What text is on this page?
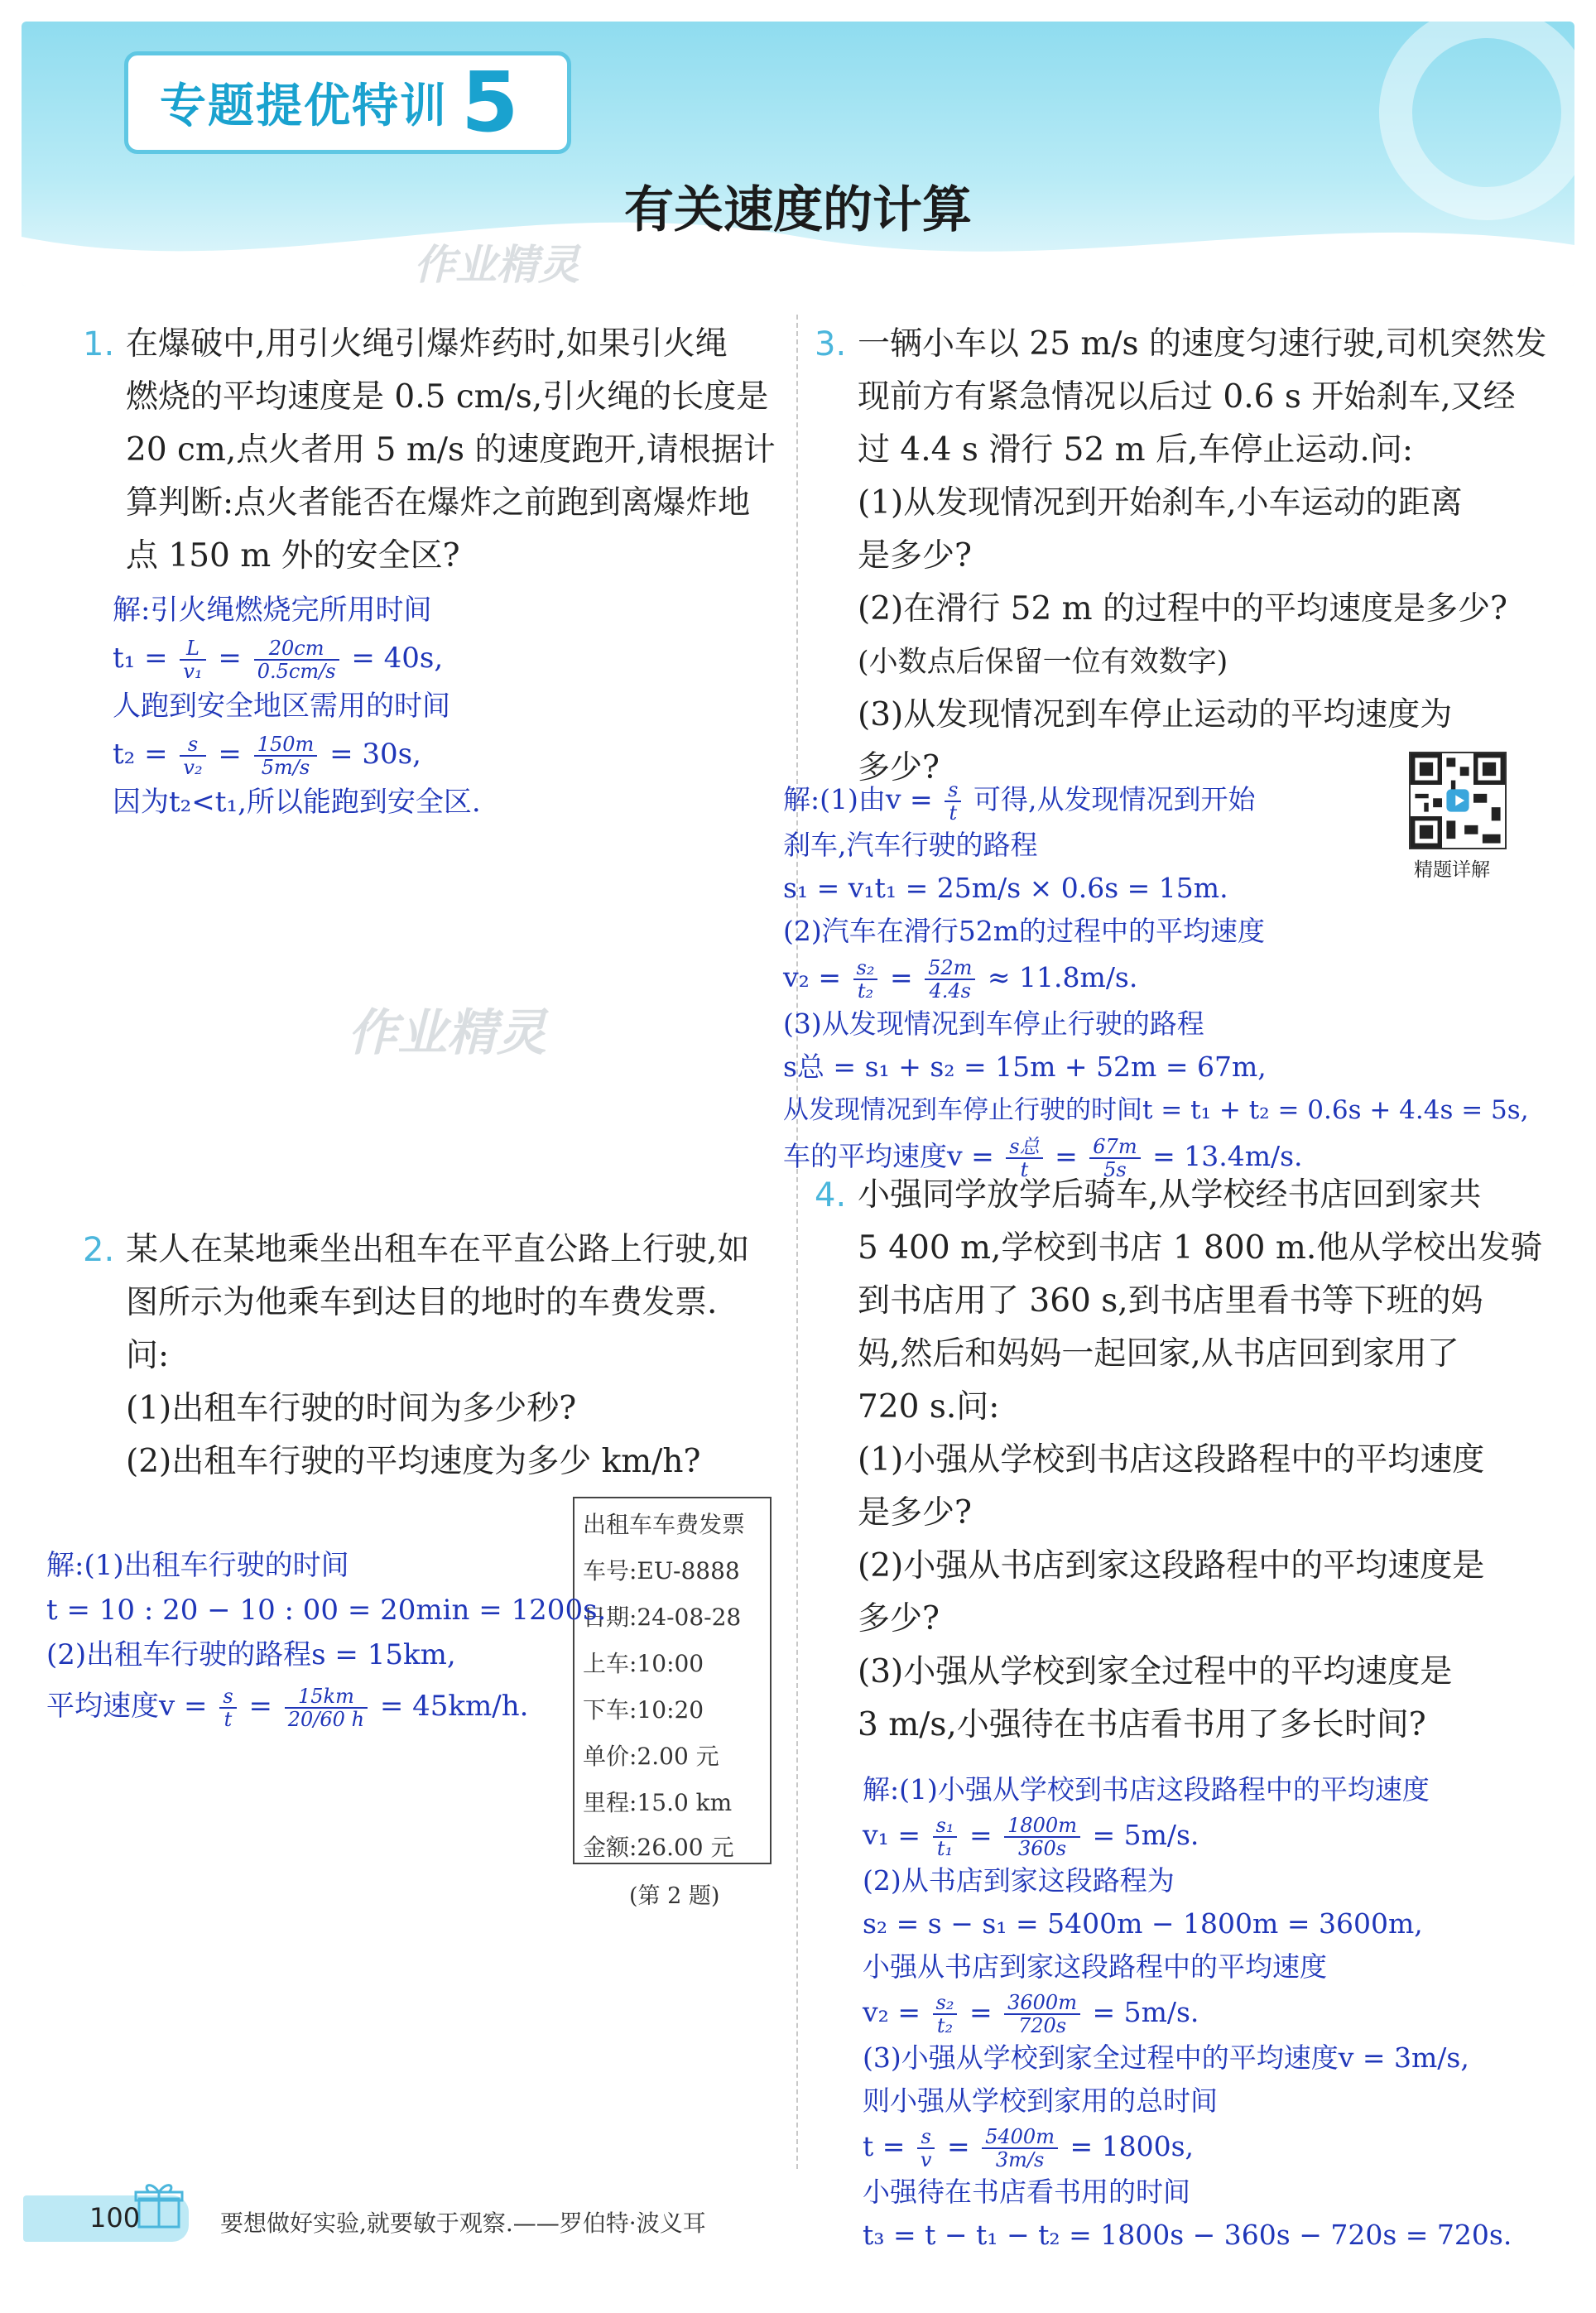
专题提优特训 5
有关速度的计算
作业精灵
作业精灵
1. 在爆破中,用引火绳引爆炸药时,如果引火绳
燃烧的平均速度是 0.5 cm/s,引火绳的长度是
20 cm,点火者用 5 m/s 的速度跑开,请根据计
算判断:点火者能否在爆炸之前跑到离爆炸地
点 150 m 外的安全区?
解:引火绳燃烧完所用时间
$t_1 = \frac{L}{\text{v₁}} = \frac{20cm}{0.5cm/s} = 40s$,
人跑到安全地区需用的时间
$t_2 = \frac{s}{\text{v₂}} = \frac{150m}{5m/s} = 30s$,
因为t₂<t₁,所以能跑到安全区.
2. 某人在某地乘坐出租车在平直公路上行驶,如
图所示为他乘车到达目的地时的车费发票.
问:
(1)出租车行驶的时间为多少秒?
(2)出租车行驶的平均速度为多少 km/h?
出租车车费发票
车号:EU-8888
日期:24-08-28
上车:10:00
下车:10:20
单价:2.00 元
里程:15.0 km
金额:26.00 元
(第 2 题)
解:(1)出租车行驶的时间
t = 10 : 20 − 10 : 00 = 20min = 1200s.
(2)出租车行驶的路程s = 15km,
平均速度$v = \frac{s}{t} = \frac{15km}{20/60 h} = 45km/h$.
3. 一辆小车以 25 m/s 的速度匀速行驶,司机突然发
现前方有紧急情况以后过 0.6 s 开始刹车,又经
过 4.4 s 滑行 52 m 后,车停止运动.问:
(1)从发现情况到开始刹车,小车运动的距离
是多少?
(2)在滑行 52 m 的过程中的平均速度是多少?
(小数点后保留一位有效数字)
(3)从发现情况到车停止运动的平均速度为
多少?
精题详解
解:(1)由$v = \frac{s}{t}$ 可得,从发现情况到开始
刹车,汽车行驶的路程
s₁ = v₁t₁ = 25m/s × 0.6s = 15m.
(2)汽车在滑行52m的过程中的平均速度
$v_2 = \frac{\text{s₂}}{\text{t₂}} = \frac{52m}{4.4s} \approx 11.8m/s$.
(3)从发现情况到车停止行驶的路程
s总 = s₁ + s₂ = 15m + 52m = 67m,
从发现情况到车停止行驶的时间t = t₁ + t₂ = 0.6s + 4.4s = 5s,
车的平均速度$v = \frac{\text{s总}}{t} = \frac{67m}{5s} = 13.4m/s$.
4. 小强同学放学后骑车,从学校经书店回到家共
5 400 m,学校到书店 1 800 m.他从学校出发骑
到书店用了 360 s,到书店里看书等下班的妈
妈,然后和妈妈一起回家,从书店回到家用了
720 s.问:
(1)小强从学校到书店这段路程中的平均速度
是多少?
(2)小强从书店到家这段路程中的平均速度是
多少?
(3)小强从学校到家全过程中的平均速度是
3 m/s,小强待在书店看书用了多长时间?
解:(1)小强从学校到书店这段路程中的平均速度
$v_1 = \frac{\text{s₁}}{\text{t₁}} = \frac{1800m}{360s} = 5m/s$.
(2)从书店到家这段路程为
s₂ = s − s₁ = 5400m − 1800m = 3600m,
小强从书店到家这段路程中的平均速度
$v_2 = \frac{\text{s₂}}{\text{t₂}} = \frac{3600m}{720s} = 5m/s$.
(3)小强从学校到家全过程中的平均速度v = 3m/s,
则小强从学校到家用的总时间
$t = \frac{s}{v} = \frac{5400m}{3m/s} = 1800s$,
小强待在书店看书用的时间
t₃ = t − t₁ − t₂ = 1800s − 360s − 720s = 720s.
100	要想做好实验,就要敏于观察.——罗伯特·波义耳
